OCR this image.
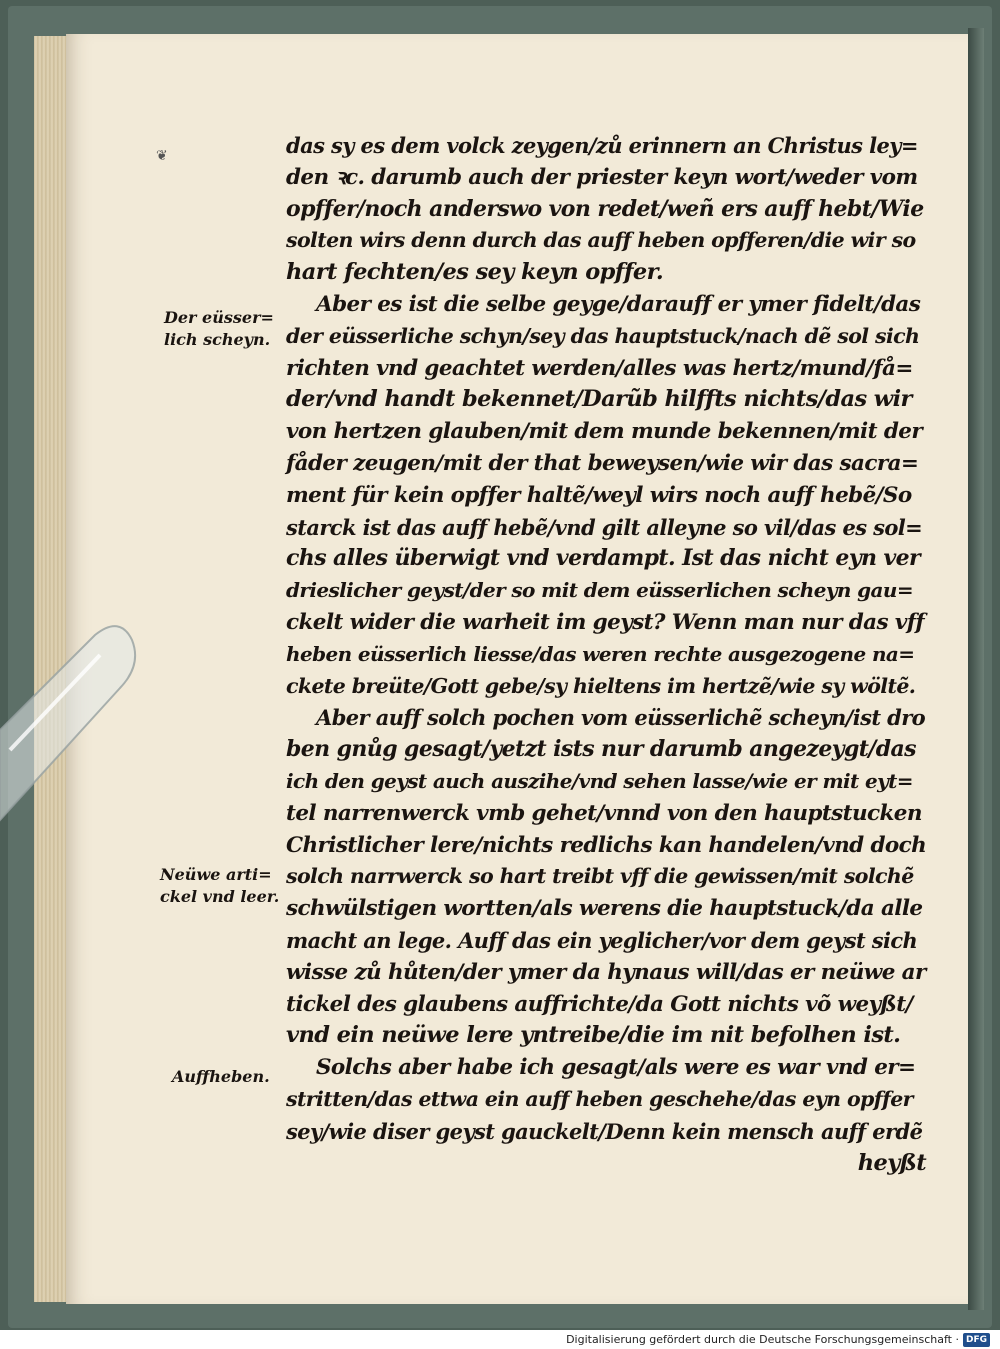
❦
Der eüsser=
lich scheyn.
Neüwe arti=
ckel vnd leer.
Auffheben.
das sy es dem volck zeygen/zů erinnern an Christus ley=
den ꝛc. darumb auch der priester keyn wort/weder vom
opffer/noch anderswo von redet/weñ ers auff hebt/Wie
solten wirs denn durch das auff heben opfferen/die wir so
hart fechten/es sey keyn opffer.
Aber es ist die selbe geyge/darauff er ymer fidelt/das
der eüsserliche schyn/sey das hauptstuck/nach dẽ sol sich
richten vnd geachtet werden/alles was hertz/mund/få=
der/vnd handt bekennet/Darũb hilffts nichts/das wir
von hertzen glauben/mit dem munde bekennen/mit der
fåder zeugen/mit der that beweysen/wie wir das sacra=
ment für kein opffer haltẽ/weyl wirs noch auff hebẽ/So
starck ist das auff hebẽ/vnd gilt alleyne so vil/das es sol=
chs alles überwigt vnd verdampt. Ist das nicht eyn ver
drieslicher geyst/der so mit dem eüsserlichen scheyn gau=
ckelt wider die warheit im geyst? Wenn man nur das vff
heben eüsserlich liesse/das weren rechte ausgezogene na=
ckete breüte/Gott gebe/sy hieltens im hertzẽ/wie sy wöltẽ.
Aber auff solch pochen vom eüsserlichẽ scheyn/ist dro
ben gnůg gesagt/yetzt ists nur darumb angezeygt/das
ich den geyst auch auszihe/vnd sehen lasse/wie er mit eyt=
tel narrenwerck vmb gehet/vnnd von den hauptstucken
Christlicher lere/nichts redlichs kan handelen/vnd doch
solch narrwerck so hart treibt vff die gewissen/mit solchẽ
schwülstigen wortten/als werens die hauptstuck/da alle
macht an lege. Auff das ein yeglicher/vor dem geyst sich
wisse zů hůten/der ymer da hynaus will/das er neüwe ar
tickel des glaubens auffrichte/da Gott nichts võ weyßt/
vnd ein neüwe lere yntreibe/die im nit befolhen ist.
Solchs aber habe ich gesagt/als were es war vnd er=
stritten/das ettwa ein auff heben geschehe/das eyn opffer
sey/wie diser geyst gauckelt/Denn kein mensch auff erdẽ
heyßt
Digitalisierung gefördert durch die Deutsche Forschungsgemeinschaft · DFG
